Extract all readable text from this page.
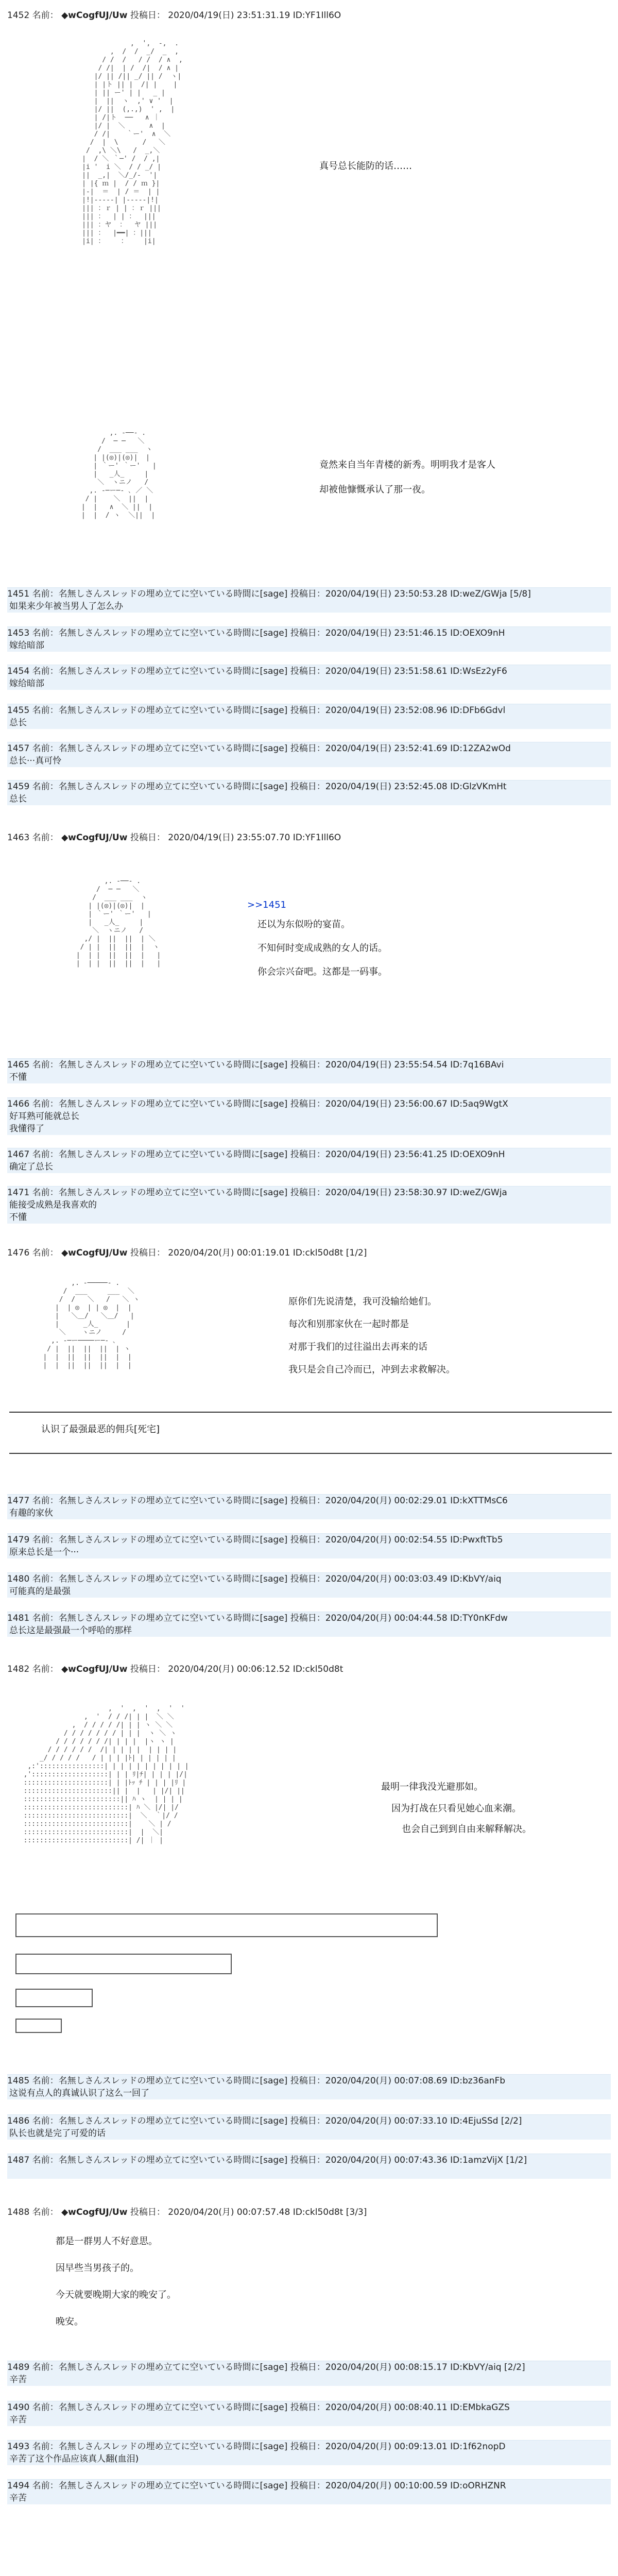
1452 名前： ◆wCogfUJ/Uw 投稿日： 2020/04/19(日) 23:51:31.19 ID:YF1Ill6O
,  ',  -,  .
,  /  /  _/  _  ,
/ /  /   / /  / ∧  ,
/ /|  | /  /|  / ∧ |
|/ || /|| _/ || /  ヽ|
| |ト || |  /| |    |
| || ー' | |   _ |
|  ||  ヽ  ,' ∨ '  |
|/ ||  (,.,)  ' ,  |
| /|ト  ──   ∧ ｜
|/ |  ＼      ∧  |
/ /|    ｀ー'  ∧  ＼
/  |  \      /   ＼
/  ,\ ＼\   /  _,＼
|  / ＼ ｀─' /  / ,|
|i '  i ＼  / / _/ |
||  _,|  ＼/_/-  '|
| |{ ｍ |  / / ｍ }|
|-|  ＝  | / ＝  | |
|!|-----| |-----|!|
||| ：ｒ | | ：ｒ |||
||| ：  | | ：  |||
||| ：ヤ  ：  ヤ |||
||| ：  |━━| ：|||
|i| ：    ：    |i|
真号总长能防的话……
,. -──- .
/  ─ ─   ＼
/  ___ ___  ヽ
| |(◎)|(◎)|  |
| ｀ー' ｀ー'   |
|   _人_     |
＼  ヽニノ   /
,. -─ー─- ､ ／ ＼
/ |    ＼  ||  |
|  |   ∧  ＼ ||  |
|  |  / ヽ  ＼||  |
竟然来自当年青楼的新秀。明明我才是客人
却被他慷慨承认了那一夜。
1451 名前：名無しさんスレッドの埋め立てに空いている時間に[sage] 投稿日：2020/04/19(日) 23:50:53.28 ID:weZ/GWja [5/8]
如果来少年被当男人了怎么办
1453 名前：名無しさんスレッドの埋め立てに空いている時間に[sage] 投稿日：2020/04/19(日) 23:51:46.15 ID:OEXO9nH
嫁给暗部
1454 名前：名無しさんスレッドの埋め立てに空いている時間に[sage] 投稿日：2020/04/19(日) 23:51:58.61 ID:WsEz2yF6
嫁给暗部
1455 名前：名無しさんスレッドの埋め立てに空いている時間に[sage] 投稿日：2020/04/19(日) 23:52:08.96 ID:DFb6Gdvl
总长
1457 名前：名無しさんスレッドの埋め立てに空いている時間に[sage] 投稿日：2020/04/19(日) 23:52:41.69 ID:12ZA2wOd
总长···真可怜
1459 名前：名無しさんスレッドの埋め立てに空いている時間に[sage] 投稿日：2020/04/19(日) 23:52:45.08 ID:GlzVKmHt
总长
1463 名前： ◆wCogfUJ/Uw 投稿日： 2020/04/19(日) 23:55:07.70 ID:YF1Ill6O
,. -──- .
/  ─ ─   ＼
/  ___ ___  ヽ
| |(◎)|(◎)|  |
| ｀ー' ｀ー'   |
|   _人_     |
＼  ヽニノ   /
,/ |  ||  ||  | ＼
/ | |  ||  ||  |  ヽ
|  | |  ||  ||  |   |
|  | |  ||  ||  |   |
>>1451
还以为东似吩的宴苗。
不知何时变成成熟的女人的话。
你会宗兴奋吧。这都是一码事。
1465 名前：名無しさんスレッドの埋め立てに空いている時間に[sage] 投稿日：2020/04/19(日) 23:55:54.54 ID:7q16BAvi
不懂
1466 名前：名無しさんスレッドの埋め立てに空いている時間に[sage] 投稿日：2020/04/19(日) 23:56:00.67 ID:5aq9WgtX
好耳熟可能就总长
我懂得了
1467 名前：名無しさんスレッドの埋め立てに空いている時間に[sage] 投稿日：2020/04/19(日) 23:56:41.25 ID:OEXO9nH
确定了总长
1471 名前：名無しさんスレッドの埋め立てに空いている時間に[sage] 投稿日：2020/04/19(日) 23:58:30.97 ID:weZ/GWja
能接受成熟是我喜欢的
不懂
1476 名前： ◆wCogfUJ/Uw 投稿日： 2020/04/20(月) 00:01:19.01 ID:ckl50d8t [1/2]
,. -─────- .
/  ___     ___  ＼
/  /   ＼   /   ＼ ヽ
|  | ◎  | | ◎  |  |
|   ＼＿/   ＼＿/   |
|      _人_       |
＼    ヽニノ     /
,. -─ー────ー─- ､
/ |  ||  ||  ||  | ヽ
|  |  ||  ||  ||  |  |
|  |  ||  ||  ||  |  |
原你们先说清楚，我可没输给她们。
每次和别那家伙在一起时都是
对那于我们的过往溢出去再来的话
我只是会自己冷而已，冲到去求救解决。
认识了最强最恶的佣兵[死宅]
1477 名前：名無しさんスレッドの埋め立てに空いている時間に[sage] 投稿日：2020/04/20(月) 00:02:29.01 ID:kXTTMsC6
有趣的家伙
1479 名前：名無しさんスレッドの埋め立てに空いている時間に[sage] 投稿日：2020/04/20(月) 00:02:54.55 ID:PwxftTb5
原来总长是一个···
1480 名前：名無しさんスレッドの埋め立てに空いている時間に[sage] 投稿日：2020/04/20(月) 00:03:03.49 ID:KbVY/aiq
可能真的是最强
1481 名前：名無しさんスレッドの埋め立てに空いている時間に[sage] 投稿日：2020/04/20(月) 00:04:44.58 ID:TY0nKFdw
总长这是最强最一个呼哈的那样
1482 名前： ◆wCogfUJ/Uw 投稿日： 2020/04/20(月) 00:06:12.52 ID:ckl50d8t
,  '  ,  '  ,  '  '
,  '  / / /| | |  ＼ ＼
,  / / / / /| | | ヽ ＼ ＼
/ / / / / / / | | |  ヽ ＼ ヽ
/ / / / / / /| | | |  |ヽ ヽ |
/ / / / / /  /| | | | |  | | | |
_/ / / / /   / | | | |ﾄ| | | | | |
,:'::::::::::::::::| | | | | | | | | | |
,':::::::::::::::::::| | | ﾘ|ﾁ| | | | |/|
:::::::::::::::::::::| | |ﾄｯ ﾁ | | | |ﾘ |
::::::::::::::::::::::|| |  |   | |/| ||
::::::::::::::::::::::::|| ﾊ ヽ  | | | |
::::::::::::::::::::::::::| ﾊ ＼ |/| |/
::::::::::::::::::::::::::|  ＼  ｀|/ /
::::::::::::::::::::::::::|    ＼ | /
::::::::::::::::::::::::::|  |  ＼|
::::::::::::::::::::::::::| /| ｜ |
最明一律我没光避那如。
因为打战在只看见她心血来潮。
也会自己到到自由来解释解决。
1485 名前：名無しさんスレッドの埋め立てに空いている時間に[sage] 投稿日：2020/04/20(月) 00:07:08.69 ID:bz36anFb
这说有点人的真诚认识了这么一回了
1486 名前：名無しさんスレッドの埋め立てに空いている時間に[sage] 投稿日：2020/04/20(月) 00:07:33.10 ID:4EjuSSd [2/2]
队长也就是完了可爱的话
1487 名前：名無しさんスレッドの埋め立てに空いている時間に[sage] 投稿日：2020/04/20(月) 00:07:43.36 ID:1amzVijX [1/2]
1488 名前： ◆wCogfUJ/Uw 投稿日： 2020/04/20(月) 00:07:57.48 ID:ckl50d8t [3/3]
都是一群男人不好意思。
因早些当男孩子的。
今天就要晚期大家的晚安了。
晚安。
1489 名前：名無しさんスレッドの埋め立てに空いている時間に[sage] 投稿日：2020/04/20(月) 00:08:15.17 ID:KbVY/aiq [2/2]
辛苦
1490 名前：名無しさんスレッドの埋め立てに空いている時間に[sage] 投稿日：2020/04/20(月) 00:08:40.11 ID:EMbkaGZS
辛苦
1493 名前：名無しさんスレッドの埋め立てに空いている時間に[sage] 投稿日：2020/04/20(月) 00:09:13.01 ID:1f62nopD
辛苦了这个作品应该真人翻(血泪)
1494 名前：名無しさんスレッドの埋め立てに空いている時間に[sage] 投稿日：2020/04/20(月) 00:10:00.59 ID:oORHZNR
辛苦
